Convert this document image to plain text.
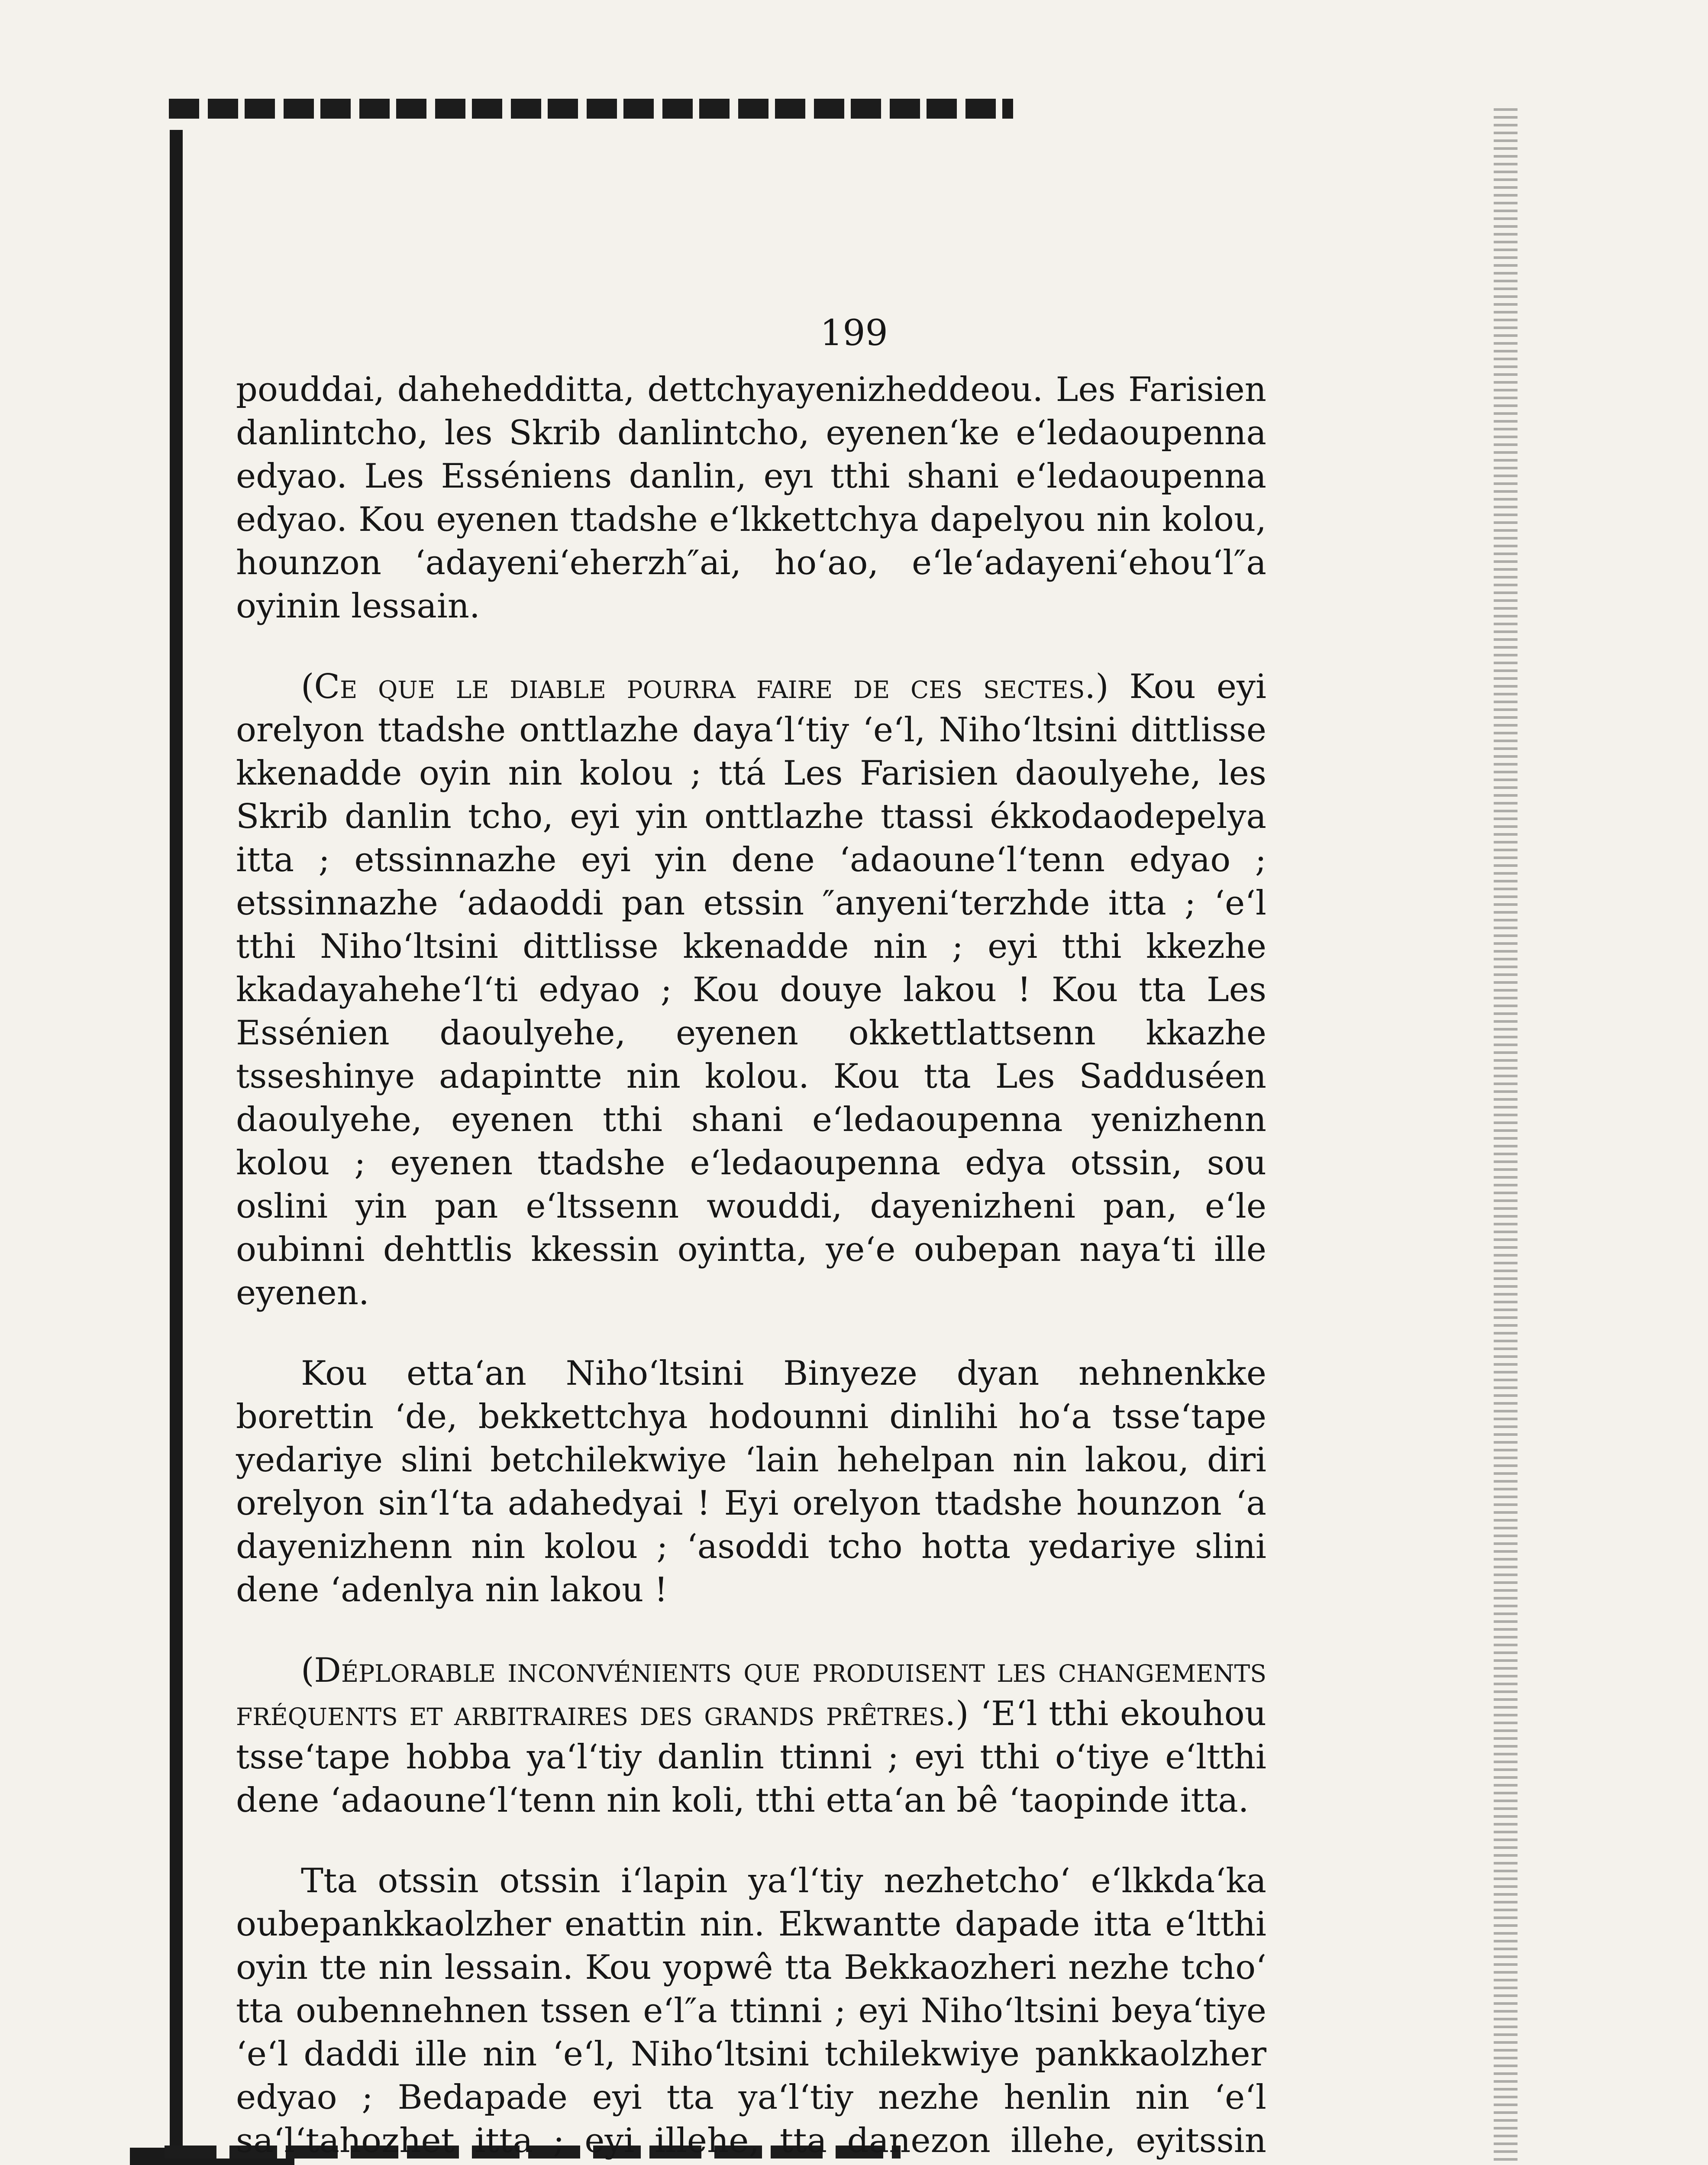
199

pouddai, daheheddittа, dettchyayenizheddeou. Les Farisien danlintcho, les Skrib danlintcho, eyenen‘ke e‘ledaoupenna edyao. Les Esséniens danlin, eyı tthi shani e‘ledaoupenna edyao. Kou eyenen ttadshe e‘lkkettchya dapelyou nin kolou, hounzon ‘adayeni‘eherzh″ai, ho‘ao, e‘le‘adayeni‘ehou‘l″a oyinin lessain.

(Ce que le diable pourra faire de ces sectes.) Kou eyi orelyon ttadshe onttlazhe daya‘l‘tiy ‘e‘l, Niho‘ltsini dittlisse kkenadde oyin nin kolou ; ttá Les Farisien daoulyehe, les Skrib danlin tcho, eyi yin onttlazhe ttassi ékkodaodepelya itta ; etssinnazhe eyi yin dene ‘adaoune‘l‘tenn edyao ; etssinnazhe ‘adaoddi pan etssin ″anyeni‘terzhde itta ; ‘e‘l tthi Niho‘ltsini dittlisse kkenadde nin ; eyi tthi kkezhe kkadayahehe‘l‘ti edyao ; Kou douye lakou ! Kou tta Les Essénien daoulyehe, eyenen okkettlattsenn kkazhe tsseshinye adapintte nin kolou. Kou tta Les Sadduséen daoulyehe, eyenen tthi shani e‘ledaoupenna yenizhenn kolou ; eyenen ttadshe e‘ledaoupenna edya otssin, sou oslini yin pan e‘ltssenn wouddi, dayenizheni pan, e‘le oubinni dehttlis kkessin oyintta, ye‘e oubepan naya‘ti ille eyenen.

Kou etta‘an Niho‘ltsini Binyeze dyan nehnenkke borettin ‘de, bekkettchya hodounni dinlihi ho‘a tsse‘tape yedariye slini betchilekwiye ‘lain hehelpan nin lakou, diri orelyon sin‘l‘ta adahedyai ! Eyi orelyon ttadshe hounzon ‘a dayenizhenn nin kolou ; ‘asoddi tcho hotta yedariye slini dene ‘adenlya nin lakou !

(Déplorable inconvénients que produisent les changements fréquents et arbitraires des grands prêtres.) ‘E‘l tthi ekouhou tsse‘tape hobba ya‘l‘tiy danlin ttinni ; eyi tthi o‘tiye e‘ltthi dene ‘adaoune‘l‘tenn nin koli, tthi etta‘an bê ‘taopinde itta.

Tta otssin otssin i‘lapin ya‘l‘tiy nezhetcho‘ e‘lkkda‘ka oubepankkaolzher enattin nin. Ekwantte dapade itta e‘ltthi oyin tte nin lessain. Kou yopwê tta Bekkaozheri nezhe tcho‘ tta oubennehnen tssen e‘l″a ttinni ; eyi Niho‘ltsini beya‘tiye ‘e‘l daddi ille nin ‘e‘l, Niho‘ltsini tchilekwiye pankkaolzher edyao ; Bedapade eyi tta ya‘l‘tiy nezhe henlin nin ‘e‘l sa‘l‘tahozhet itta ; eyi illehe, tta danezon illehe, eyitssin
